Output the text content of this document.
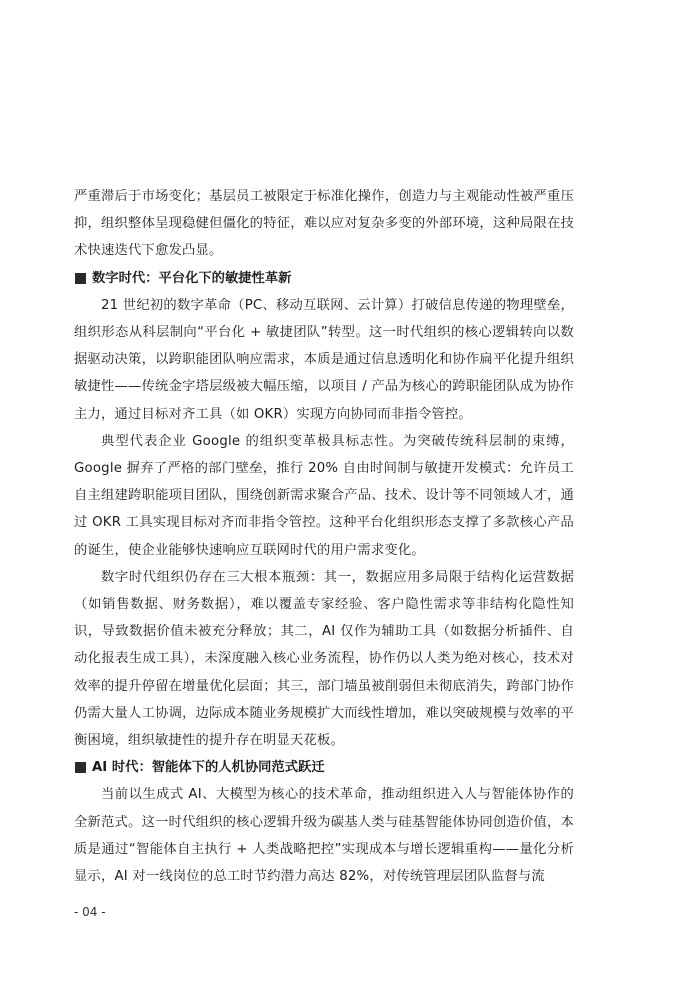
严重滞后于市场变化；基层员工被限定于标准化操作，创造力与主观能动性被严重压抑，组织整体呈现稳健但僵化的特征，难以应对复杂多变的外部环境，这种局限在技术快速迭代下愈发凸显。

数字时代：平台化下的敏捷性革新

21 世纪初的数字革命（PC、移动互联网、云计算）打破信息传递的物理壁垒，组织形态从科层制向“平台化 + 敏捷团队”转型。这一时代组织的核心逻辑转向以数据驱动决策，以跨职能团队响应需求，本质是通过信息透明化和协作扁平化提升组织敏捷性——传统金字塔层级被大幅压缩，以项目 / 产品为核心的跨职能团队成为协作主力，通过目标对齐工具（如 OKR）实现方向协同而非指令管控。

典型代表企业 Google 的组织变革极具标志性。为突破传统科层制的束缚，Google 摒弃了严格的部门壁垒，推行 20% 自由时间制与敏捷开发模式：允许员工自主组建跨职能项目团队，围绕创新需求聚合产品、技术、设计等不同领域人才，通过 OKR 工具实现目标对齐而非指令管控。这种平台化组织形态支撑了多款核心产品的诞生，使企业能够快速响应互联网时代的用户需求变化。

数字时代组织仍存在三大根本瓶颈：其一，数据应用多局限于结构化运营数据（如销售数据、财务数据），难以覆盖专家经验、客户隐性需求等非结构化隐性知识，导致数据价值未被充分释放；其二，AI 仅作为辅助工具（如数据分析插件、自动化报表生成工具），未深度融入核心业务流程，协作仍以人类为绝对核心，技术对效率的提升停留在增量优化层面；其三，部门墙虽被削弱但未彻底消失，跨部门协作仍需大量人工协调，边际成本随业务规模扩大而线性增加，难以突破规模与效率的平衡困境，组织敏捷性的提升存在明显天花板。

AI 时代：智能体下的人机协同范式跃迁

当前以生成式 AI、大模型为核心的技术革命，推动组织进入人与智能体协作的全新范式。这一时代组织的核心逻辑升级为碳基人类与硅基智能体协同创造价值，本质是通过“智能体自主执行 + 人类战略把控”实现成本与增长逻辑重构——量化分析显示，AI 对一线岗位的总工时节约潜力高达 82%，对传统管理层团队监督与流

- 04 -
